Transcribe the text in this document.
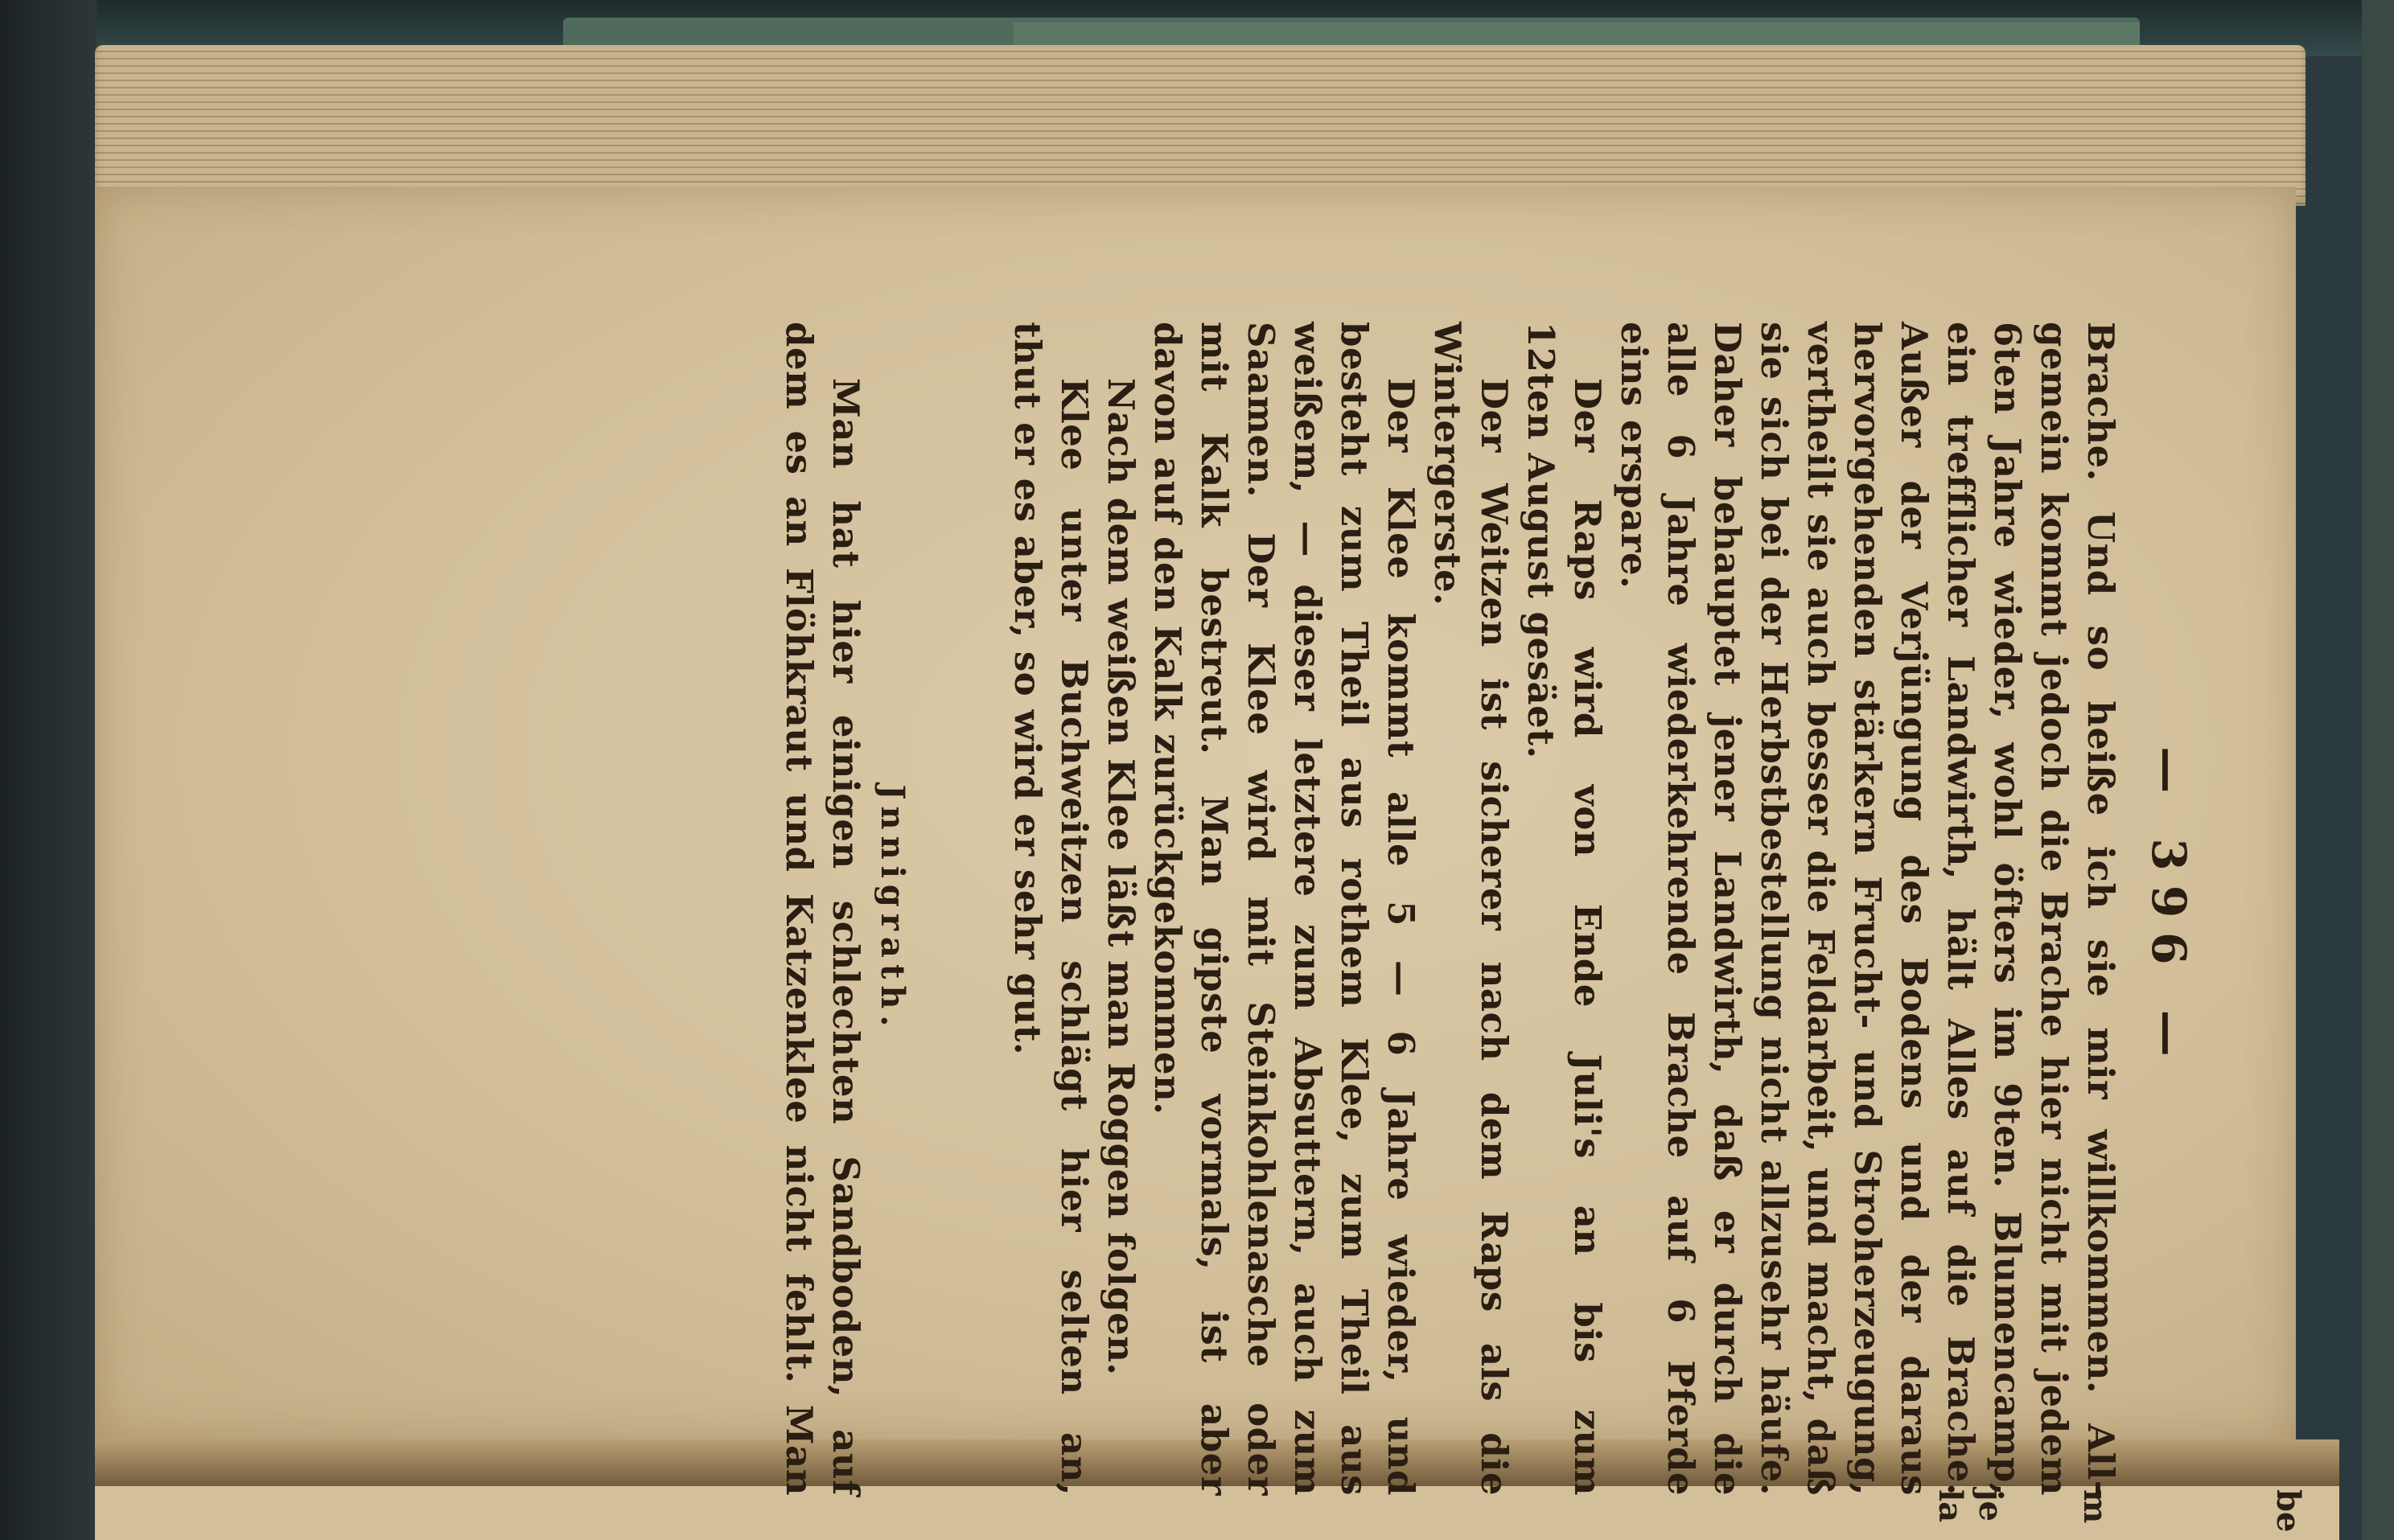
be
m
je
la
— 396 —
Brache. Und so heiße ich sie mir willkommen. All-
gemein kommt jedoch die Brache hier nicht mit jedem
6ten Jahre wieder, wohl öfters im 9ten. Blumencamp,
ein trefflicher Landwirth, hält Alles auf die Brache.
Außer der Verjüngung des Bodens und der daraus
hervorgehenden stärkern Frucht- und Stroherzeugung,
vertheilt sie auch besser die Feldarbeit, und macht, daß
sie sich bei der Herbstbestellung nicht allzusehr häufe.
Daher behauptet jener Landwirth, daß er durch die
alle 6 Jahre wiederkehrende Brache auf 6 Pferde
eins erspare.
Der Raps wird von Ende Juli's an bis zum
12ten August gesäet.
Der Weitzen ist sicherer nach dem Raps als die
Wintergerste.
Der Klee kommt alle 5 — 6 Jahre wieder, und
besteht zum Theil aus rothem Klee, zum Theil aus
weißem, — dieser letztere zum Absuttern, auch zum
Saamen. Der Klee wird mit Steinkohlenasche oder
mit Kalk bestreut. Man gipste vormals, ist aber
davon auf den Kalk zurückgekommen.
Nach dem weißen Klee läßt man Roggen folgen.
Klee unter Buchweitzen schlägt hier selten an,
thut er es aber, so wird er sehr gut.
Jnnigrath.
Man hat hier einigen schlechten Sandboden, auf
dem es an Flöhkraut und Katzenklee nicht fehlt. Man
